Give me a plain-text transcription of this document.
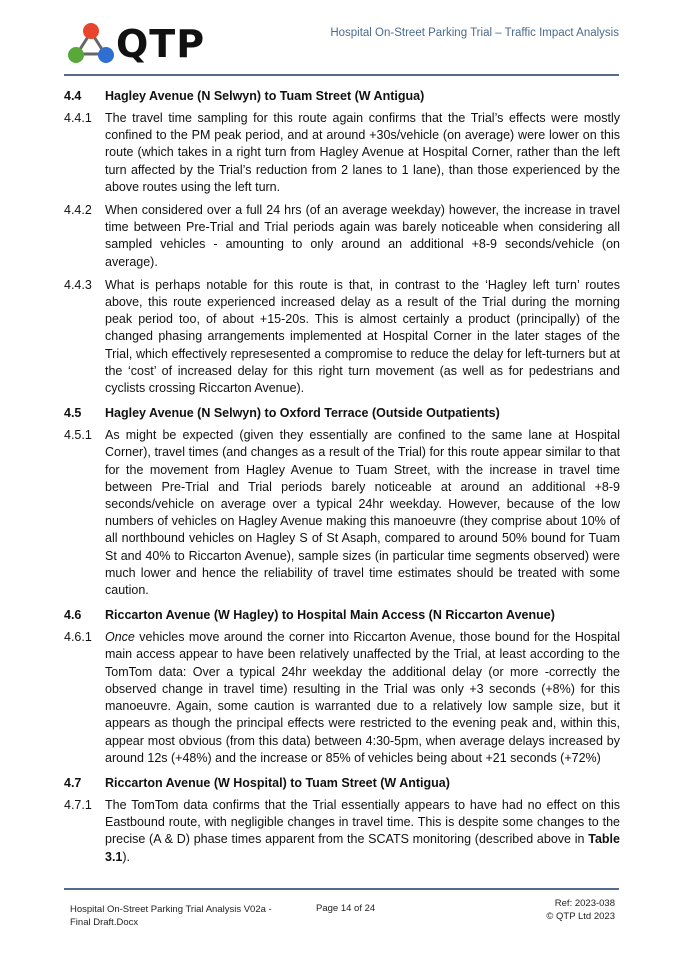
QTP	Hospital On-Street Parking Trial – Traffic Impact Analysis
4.4	Hagley Avenue (N Selwyn) to Tuam Street (W Antigua)
4.4.1	The travel time sampling for this route again confirms that the Trial’s effects were mostly confined to the PM peak period, and at around +30s/vehicle (on average) were lower on this route (which takes in a right turn from Hagley Avenue at Hospital Corner, rather than the left turn affected by the Trial’s reduction from 2 lanes to 1 lane), than those experienced by the above routes using the left turn.
4.4.2	When considered over a full 24 hrs (of an average weekday) however, the increase in travel time between Pre-Trial and Trial periods again was barely noticeable when considering all sampled vehicles - amounting to only around an additional +8-9 seconds/vehicle (on average).
4.4.3	What is perhaps notable for this route is that, in contrast to the ‘Hagley left turn’ routes above, this route experienced increased delay as a result of the Trial during the morning peak period too, of about +15-20s. This is almost certainly a product (principally) of the changed phasing arrangements implemented at Hospital Corner in the later stages of the Trial, which effectively represesented a compromise to reduce the delay for left-turners but at the ‘cost’ of increased delay for this right turn movement (as well as for pedestrians and cyclists crossing Riccarton Avenue).
4.5	Hagley Avenue (N Selwyn) to Oxford Terrace (Outside Outpatients)
4.5.1	As might be expected (given they essentially are confined to the same lane at Hospital Corner), travel times (and changes as a result of the Trial) for this route appear similar to that for the movement from Hagley Avenue to Tuam Street, with the increase in travel time between Pre-Trial and Trial periods barely noticeable at around an additional +8-9 seconds/vehicle on average over a typical 24hr weekday. However, because of the low numbers of vehicles on Hagley Avenue making this manoeuvre (they comprise about 10% of all northbound vehicles on Hagley S of St Asaph, compared to around 50% bound for Tuam St and 40% to Riccarton Avenue), sample sizes (in particular time segments observed) were much lower and hence the reliability of travel time estimates should be treated with some caution.
4.6	Riccarton Avenue (W Hagley) to Hospital Main Access (N Riccarton Avenue)
4.6.1	Once vehicles move around the corner into Riccarton Avenue, those bound for the Hospital main access appear to have been relatively unaffected by the Trial, at least according to the TomTom data: Over a typical 24hr weekday the additional delay (or more -correctly the observed change in travel time) resulting in the Trial was only +3 seconds (+8%) for this manoeuvre. Again, some caution is warranted due to a relatively low sample size, but it appears as though the principal effects were restricted to the evening peak and, within this, appear most obvious (from this data) between 4:30-5pm, when average delays increased by around 12s (+48%) and the increase or 85% of vehicles being about +21 seconds (+72%)
4.7	Riccarton Avenue (W Hospital) to Tuam Street (W Antigua)
4.7.1	The TomTom data confirms that the Trial essentially appears to have had no effect on this Eastbound route, with negligible changes in travel time. This is despite some changes to the precise (A & D) phase times apparent from the SCATS monitoring (described above in Table 3.1).
Hospital On-Street Parking Trial Analysis V02a -
Final Draft.Docx
Page 14 of 24	Ref: 2023-038
© QTP Ltd 2023
